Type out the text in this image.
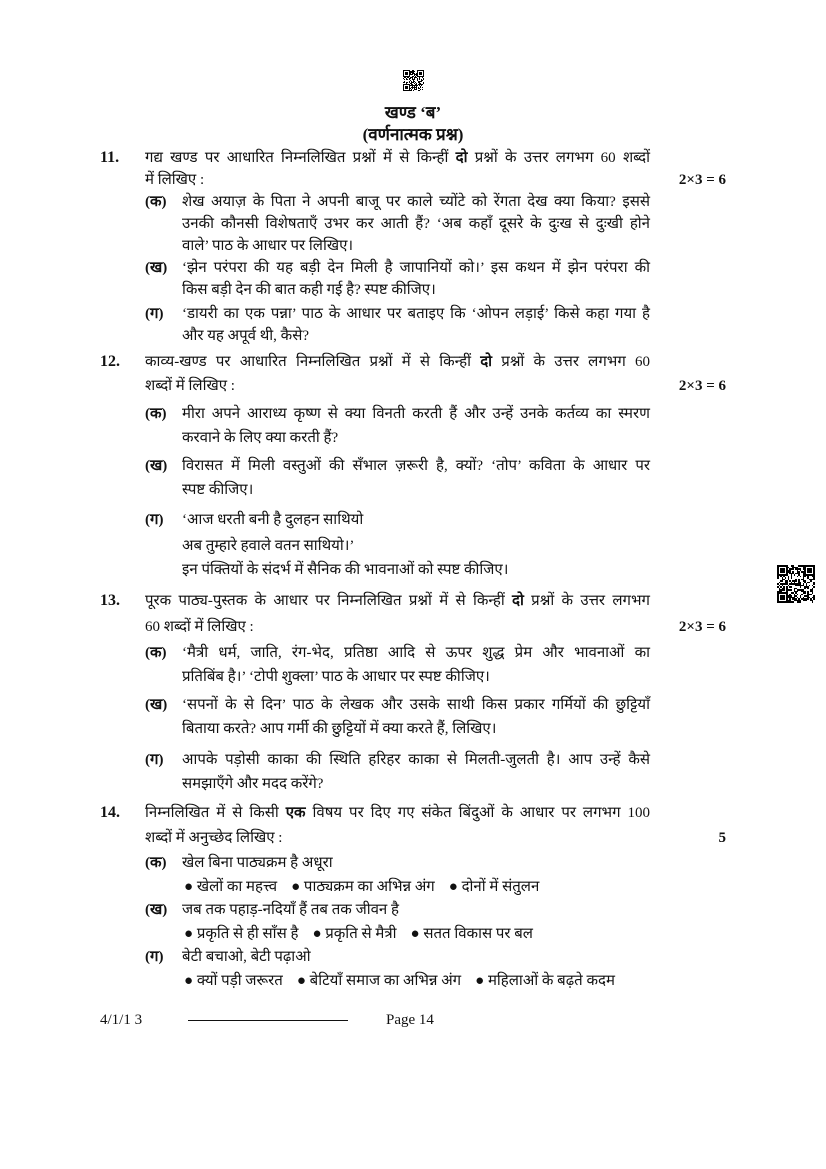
खण्ड ‘ब’
(वर्णनात्मक प्रश्न)
11. गद्य खण्ड पर आधारित निम्नलिखित प्रश्नों में से किन्हीं दो प्रश्नों के उत्तर लगभग 60 शब्दों
में लिखिए :	2×3 = 6
(क) शेख अयाज़ के पिता ने अपनी बाजू पर काले च्योंटे को रेंगता देख क्या किया? इससे
उनकी कौनसी विशेषताएँ उभर कर आती हैं? ‘अब कहाँ दूसरे के दुःख से दुःखी होने
वाले’ पाठ के आधार पर लिखिए।
(ख) ‘झेन परंपरा की यह बड़ी देन मिली है जापानियों को।’ इस कथन में झेन परंपरा की
किस बड़ी देन की बात कही गई है? स्पष्ट कीजिए।
(ग) ‘डायरी का एक पन्ना’ पाठ के आधार पर बताइए कि ‘ओपन लड़ाई’ किसे कहा गया है
और यह अपूर्व थी, कैसे?
12. काव्य-खण्ड पर आधारित निम्नलिखित प्रश्नों में से किन्हीं दो प्रश्नों के उत्तर लगभग 60
शब्दों में लिखिए :	2×3 = 6
(क) मीरा अपने आराध्य कृष्ण से क्या विनती करती हैं और उन्हें उनके कर्तव्य का स्मरण
करवाने के लिए क्या करती हैं?
(ख) विरासत में मिली वस्तुओं की सँभाल ज़रूरी है, क्यों? ‘तोप’ कविता के आधार पर
स्पष्ट कीजिए।
(ग) ‘आज धरती बनी है दुलहन साथियो
अब तुम्हारे हवाले वतन साथियो।’
इन पंक्तियों के संदर्भ में सैनिक की भावनाओं को स्पष्ट कीजिए।
13. पूरक पाठ्य-पुस्तक के आधार पर निम्नलिखित प्रश्नों में से किन्हीं दो प्रश्नों के उत्तर लगभग
60 शब्दों में लिखिए :	2×3 = 6
(क) ‘मैत्री धर्म, जाति, रंग-भेद, प्रतिष्ठा आदि से ऊपर शुद्ध प्रेम और भावनाओं का
प्रतिबिंब है।’ ‘टोपी शुक्ला’ पाठ के आधार पर स्पष्ट कीजिए।
(ख) ‘सपनों के से दिन’ पाठ के लेखक और उसके साथी किस प्रकार गर्मियों की छुट्टियाँ
बिताया करते? आप गर्मी की छुट्टियों में क्या करते हैं, लिखिए।
(ग) आपके पड़ोसी काका की स्थिति हरिहर काका से मिलती-जुलती है। आप उन्हें कैसे
समझाएँगे और मदद करेंगे?
14. निम्नलिखित में से किसी एक विषय पर दिए गए संकेत बिंदुओं के आधार पर लगभग 100
शब्दों में अनुच्छेद लिखिए :	5
(क) खेल बिना पाठ्यक्रम है अधूरा
● खेलों का महत्त्व ● पाठ्यक्रम का अभिन्न अंग ● दोनों में संतुलन
(ख) जब तक पहाड़-नदियाँ हैं तब तक जीवन है
● प्रकृति से ही साँस है ● प्रकृति से मैत्री ● सतत विकास पर बल
(ग) बेटी बचाओ, बेटी पढ़ाओ
● क्यों पड़ी जरूरत ● बेटियाँ समाज का अभिन्न अंग ● महिलाओं के बढ़ते कदम
4/1/1 3	Page 14
